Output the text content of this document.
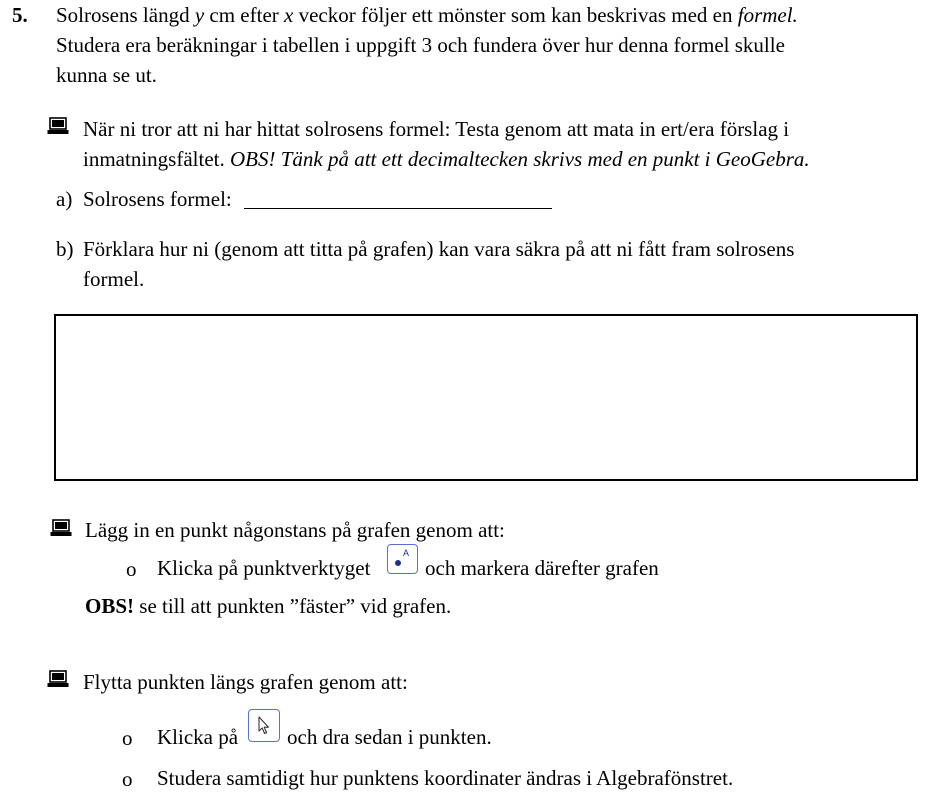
5. Solrosens längd y cm efter x veckor följer ett mönster som kan beskrivas med en formel.
Studera era beräkningar i tabellen i uppgift 3 och fundera över hur denna formel skulle
kunna se ut.
När ni tror att ni har hittat solrosens formel: Testa genom att mata in ert/era förslag i
inmatningsfältet. OBS! Tänk på att ett decimaltecken skrivs med en punkt i GeoGebra.
a) Solrosens formel:
b) Förklara hur ni (genom att titta på grafen) kan vara säkra på att ni fått fram solrosens
formel.
Lägg in en punkt någonstans på grafen genom att:
o Klicka på punktverktyget
A
och markera därefter grafen
OBS! se till att punkten ”fäster” vid grafen.
Flytta punkten längs grafen genom att:
o Klicka på och dra sedan i punkten.
o Studera samtidigt hur punktens koordinater ändras i Algebrafönstret.
